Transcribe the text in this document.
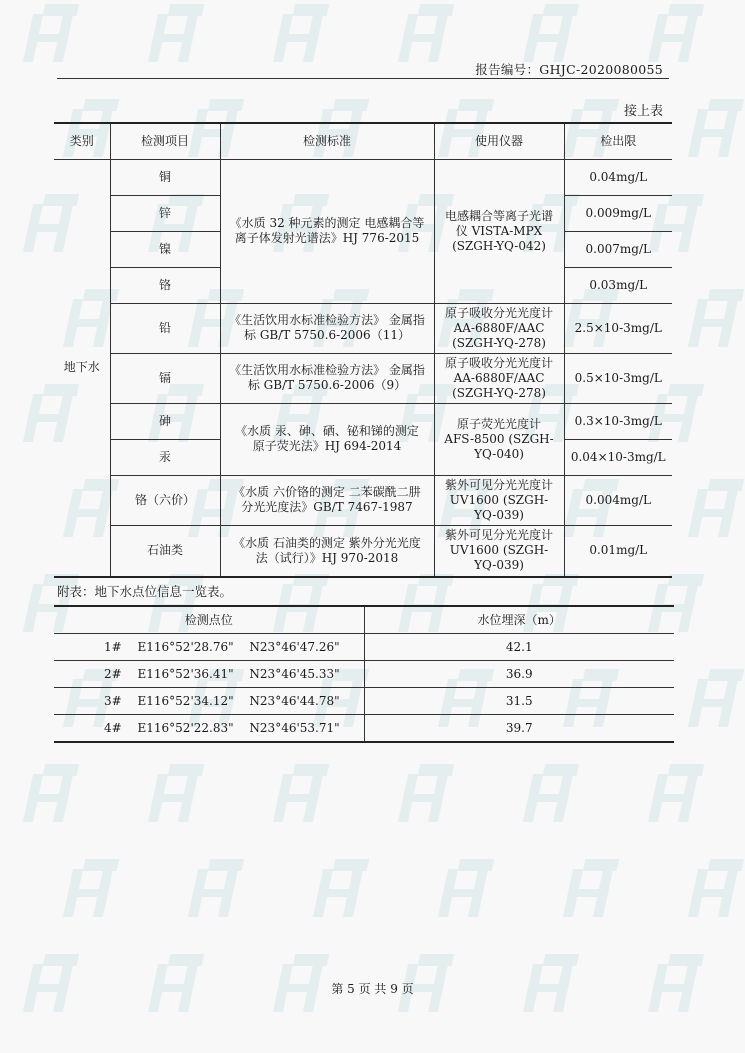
报告编号：GHJC-2020080055
接上表
类别	检测项目	检测标准	使用仪器	检出限
地下水	铜	《水质 32 种元素的测定 电感耦合等离子体发射光谱法》HJ 776-2015	电感耦合等离子光谱仪 VISTA-MPX (SZGH-YQ-042)	0.04mg/L
	锌			0.009mg/L
	镍			0.007mg/L
	铬			0.03mg/L
	铅	《生活饮用水标准检验方法》 金属指标 GB/T 5750.6-2006（11）	原子吸收分光光度计 AA-6880F/AAC (SZGH-YQ-278)	2.5×10-3mg/L
	镉	《生活饮用水标准检验方法》 金属指标 GB/T 5750.6-2006（9）	原子吸收分光光度计 AA-6880F/AAC (SZGH-YQ-278)	0.5×10-3mg/L
	砷	《水质 汞、砷、硒、铋和锑的测定 原子荧光法》HJ 694-2014	原子荧光光度计 AFS-8500 (SZGH-YQ-040)	0.3×10-3mg/L
	汞			0.04×10-3mg/L
	铬（六价）	《水质 六价铬的测定 二苯碳酰二肼分光光度法》GB/T 7467-1987	紫外可见分光光度计 UV1600 (SZGH-YQ-039)	0.004mg/L
	石油类	《水质 石油类的测定 紫外分光光度法（试行）》HJ 970-2018	紫外可见分光光度计 UV1600 (SZGH-YQ-039)	0.01mg/L
附表：地下水点位信息一览表。
检测点位	水位埋深（m）
1#　 E116°52'28.76"　 N23°46'47.26"	42.1
2#　 E116°52'36.41"　 N23°46'45.33"	36.9
3#　 E116°52'34.12"　 N23°46'44.78"	31.5
4#　 E116°52'22.83"　 N23°46'53.71"	39.7
第 5 页 共 9 页
